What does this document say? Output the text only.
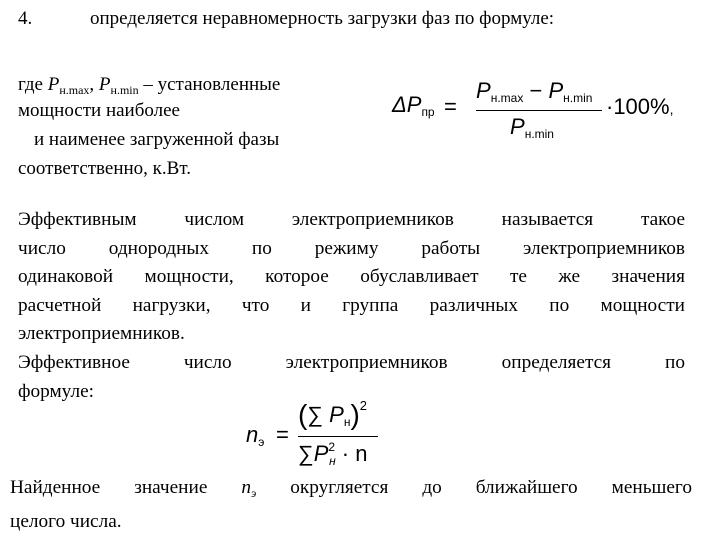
4.	определяется неравномерность загрузки фаз по формуле:
где $P_{н.max}$, $P_{н.min}$ – установленные
мощности наиболее
и наименее загруженной фазы
соответственно, к.Вт.
$\Delta P_{пр}$ =
$P_{н.max} - P_{н.min}$
$P_{н.min}$
·100%,
Эффективным числом электроприемников называется такое
число однородных по режиму работы электроприемников
одинаковой мощности, которое обуславливает те же значения
расчетной нагрузки, что и группа различных по мощности
электроприемников.
Эффективное число электроприемников определяется по
формуле:
$n_э$ =
(∑ $P_н)^2$
$\sum P^2_н \cdot n$
Найденное значение $n_э$ округляется до ближайшего меньшего
целого числа.
